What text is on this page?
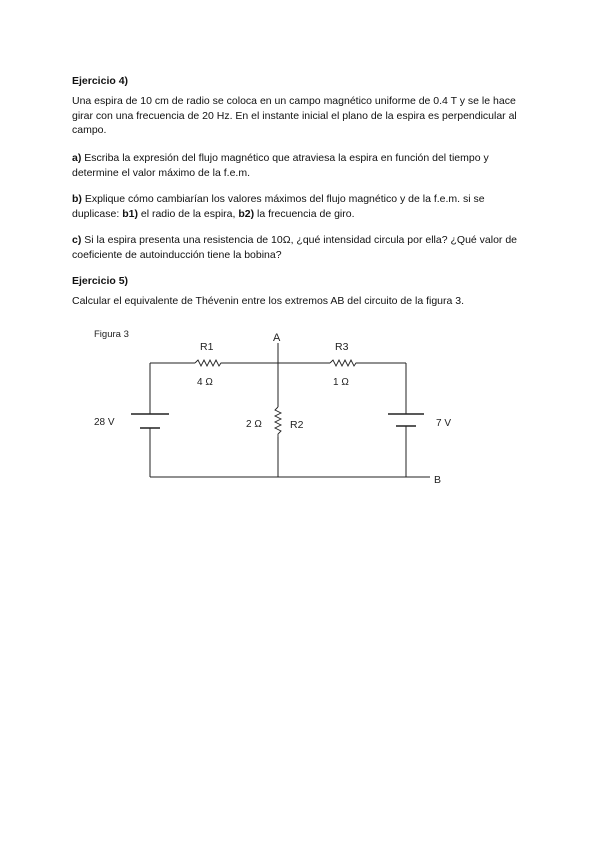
Ejercicio 4)

Una espira de 10 cm de radio se coloca en un campo magnético uniforme de 0.4 T y se le hace girar con una frecuencia de 20 Hz. En el instante inicial el plano de la espira es perpendicular al campo.

a) Escriba la expresión del flujo magnético que atraviesa la espira en función del tiempo y determine el valor máximo de la f.e.m.

b) Explique cómo cambiarían los valores máximos del flujo magnético y de la f.e.m. si se duplicase: b1) el radio de la espira, b2) la frecuencia de giro.

c) Si la espira presenta una resistencia de 10Ω, ¿qué intensidad circula por ella? ¿Qué valor de coeficiente de autoinducción tiene la bobina?

Ejercicio 5)

Calcular el equivalente de Thévenin entre los extremos AB del circuito de la figura 3.

Figura 3	A
B
R1
4 Ω
R3
1 Ω
2 Ω	R2
28 V	7 V
